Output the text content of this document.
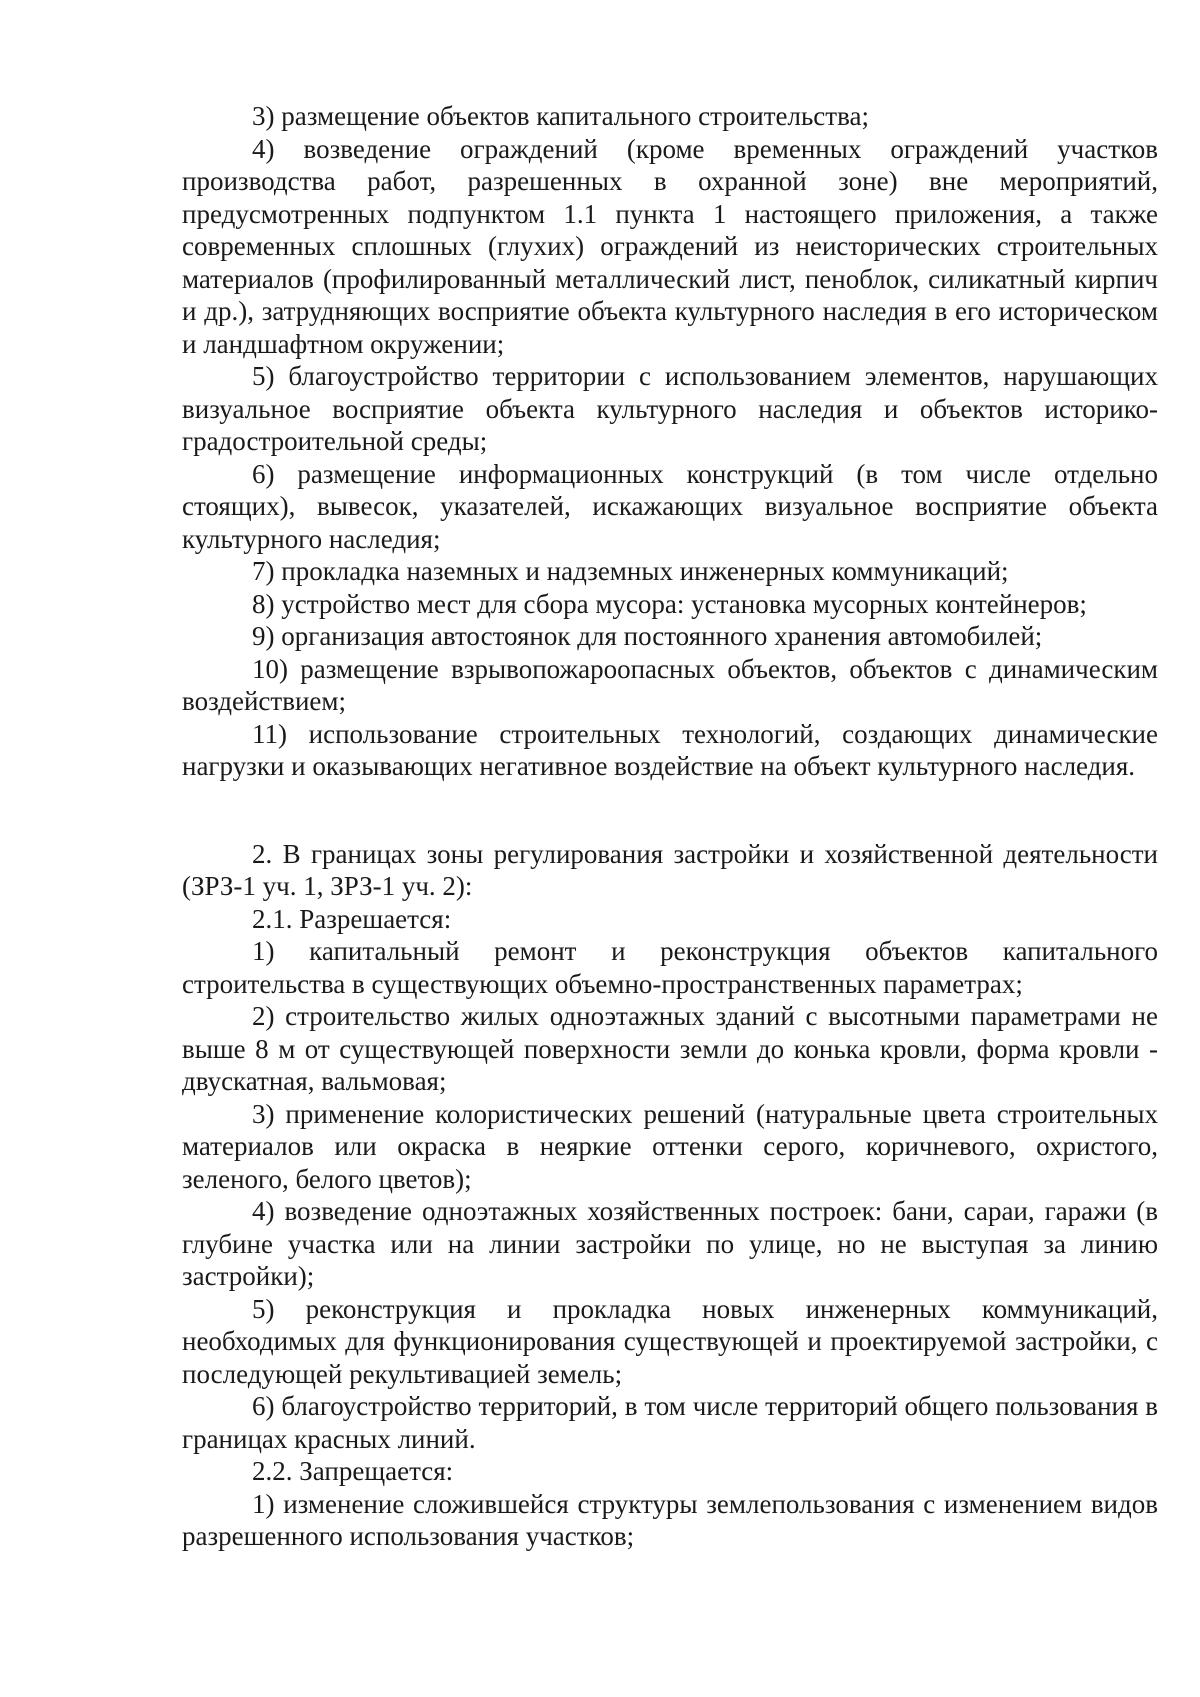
3) размещение объектов капитального строительства;

4) возведение ограждений (кроме временных ограждений участков производства работ, разрешенных в охранной зоне) вне мероприятий, предусмотренных подпунктом 1.1 пункта 1 настоящего приложения, а также современных сплошных (глухих) ограждений из неисторических строительных материалов (профилированный металлический лист, пеноблок, силикатный кирпич и др.), затрудняющих восприятие объекта культурного наследия в его историческом и ландшафтном окружении;

5) благоустройство территории с использованием элементов, нарушающих визуальное восприятие объекта культурного наследия и объектов историко-градостроительной среды;

6) размещение информационных конструкций (в том числе отдельно стоящих), вывесок, указателей, искажающих визуальное восприятие объекта культурного наследия;

7) прокладка наземных и надземных инженерных коммуникаций;

8) устройство мест для сбора мусора: установка мусорных контейнеров;

9) организация автостоянок для постоянного хранения автомобилей;

10) размещение взрывопожароопасных объектов, объектов с динамическим воздействием;

11) использование строительных технологий, создающих динамические нагрузки и оказывающих негативное воздействие на объект культурного наследия.

2. В границах зоны регулирования застройки и хозяйственной деятельности (ЗРЗ-1 уч. 1, ЗРЗ-1 уч. 2):

2.1. Разрешается:

1) капитальный ремонт и реконструкция объектов капитального строительства в существующих объемно-пространственных параметрах;

2) строительство жилых одноэтажных зданий с высотными параметрами не выше 8 м от существующей поверхности земли до конька кровли, форма кровли - двускатная, вальмовая;

3) применение колористических решений (натуральные цвета строительных материалов или окраска в неяркие оттенки серого, коричневого, охристого, зеленого, белого цветов);

4) возведение одноэтажных хозяйственных построек: бани, сараи, гаражи (в глубине участка или на линии застройки по улице, но не выступая за линию застройки);

5) реконструкция и прокладка новых инженерных коммуникаций, необходимых для функционирования существующей и проектируемой застройки, с последующей рекультивацией земель;

6) благоустройство территорий, в том числе территорий общего пользования в границах красных линий.

2.2. Запрещается:

1) изменение сложившейся структуры землепользования с изменением видов разрешенного использования участков;
